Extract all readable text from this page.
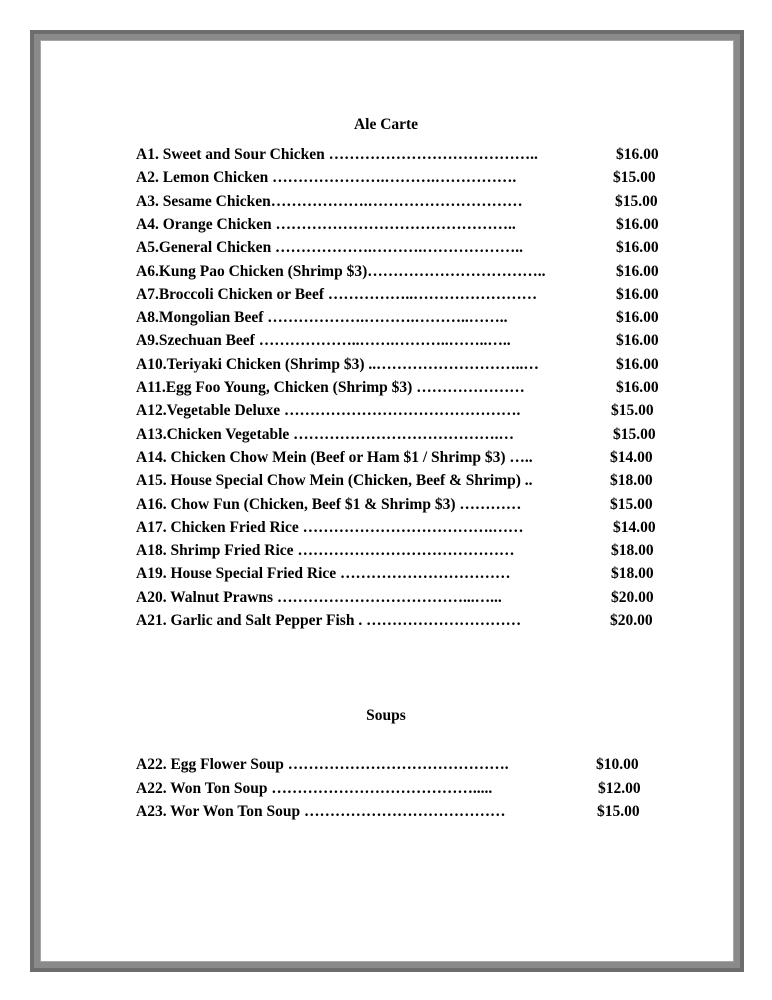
Ale Carte
A1. Sweet and Sour Chicken …………………………………..	$16.00
A2. Lemon Chicken ………………….……….…………….	$15.00
A3. Sesame Chicken……………….…………………………	$15.00
A4. Orange Chicken ………………………………………..	$16.00
A5.General Chicken ……………….……….………………..	$16.00
A6.Kung Pao Chicken (Shrimp $3)……………………………..	$16.00
A7.Broccoli Chicken or Beef ……………..……………………	$16.00
A8.Mongolian Beef ……………….……….………..……..	$16.00
A9.Szechuan Beef ………………..…….………..……..…..	$16.00
A10.Teriyaki Chicken (Shrimp $3) ..………………………..…	$16.00
A11.Egg Foo Young, Chicken (Shrimp $3) …………………	$16.00
A12.Vegetable Deluxe ……………………………………….	$15.00
A13.Chicken Vegetable ………………………………….…	$15.00
A14. Chicken Chow Mein (Beef or Ham $1 / Shrimp $3) …..	$14.00
A15. House Special Chow Mein (Chicken, Beef & Shrimp) ..	$18.00
A16. Chow Fun (Chicken, Beef $1 & Shrimp $3) …………	$15.00
A17. Chicken Fried Rice ……………………………….……	$14.00
A18. Shrimp Fried Rice ……………………………………	$18.00
A19. House Special Fried Rice ……………………………	$18.00
A20. Walnut Prawns ………………………………...…...	$20.00
A21. Garlic and Salt Pepper Fish . …………………………	$20.00
Soups
A22. Egg Flower Soup …………………………………….	$10.00
A22. Won Ton Soup ………………………………….....	$12.00
A23. Wor Won Ton Soup …………………………………	$15.00
